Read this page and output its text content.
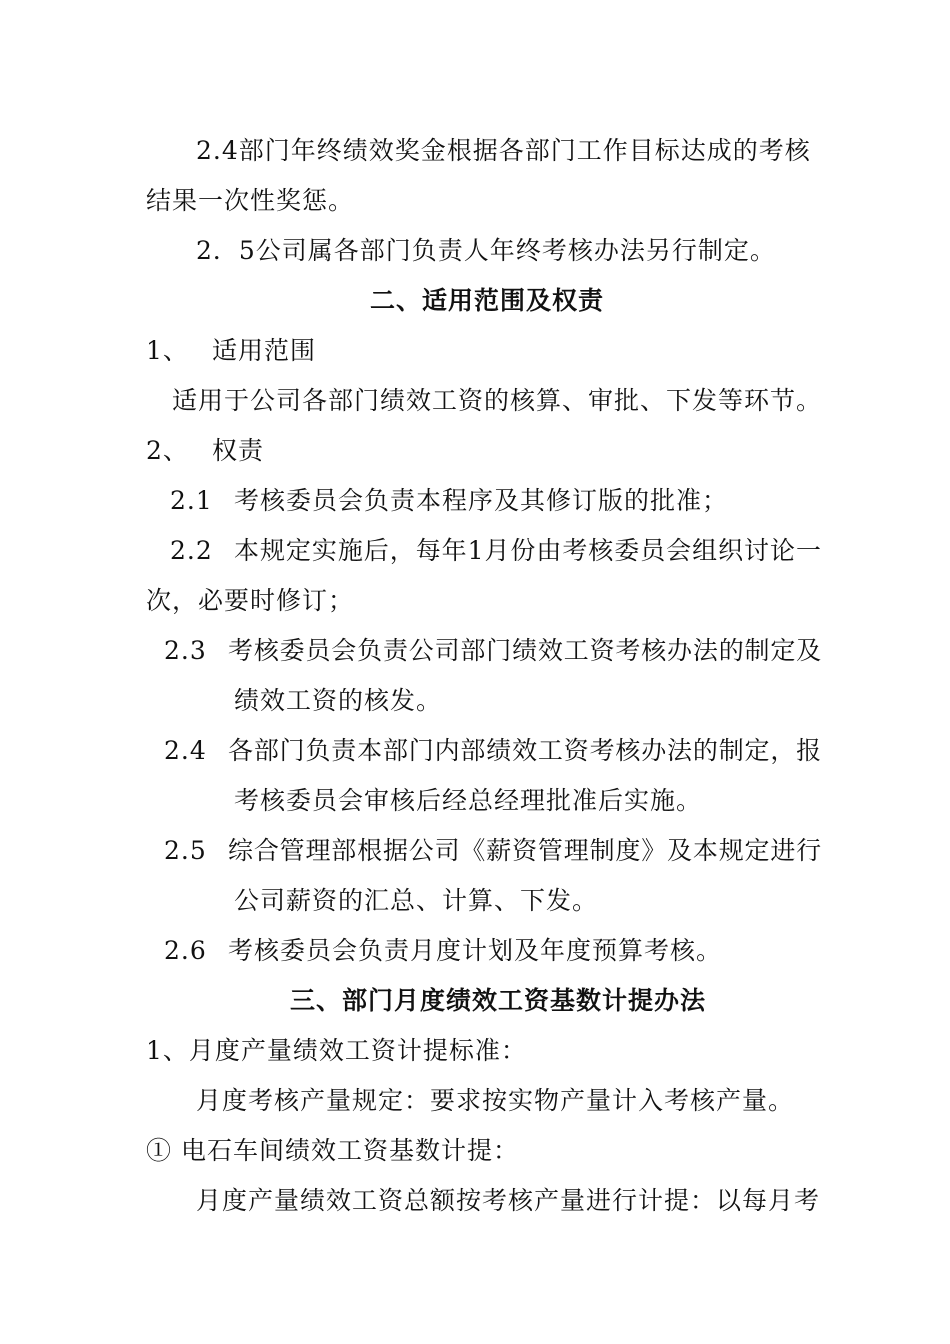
2.4部门年终绩效奖金根据各部门工作目标达成的考核
结果一次性奖惩。
2．5公司属各部门负责人年终考核办法另行制定。
二、适用范围及权责
1、 适用范围
适用于公司各部门绩效工资的核算、审批、下发等环节。
2、 权责
2.1 考核委员会负责本程序及其修订版的批准；
2.2 本规定实施后，每年1月份由考核委员会组织讨论一
次，必要时修订；
2.3 考核委员会负责公司部门绩效工资考核办法的制定及
绩效工资的核发。
2.4 各部门负责本部门内部绩效工资考核办法的制定，报
考核委员会审核后经总经理批准后实施。
2.5 综合管理部根据公司《薪资管理制度》及本规定进行
公司薪资的汇总、计算、下发。
2.6 考核委员会负责月度计划及年度预算考核。
三、部门月度绩效工资基数计提办法
1、月度产量绩效工资计提标准：
月度考核产量规定：要求按实物产量计入考核产量。
① 电石车间绩效工资基数计提：
月度产量绩效工资总额按考核产量进行计提：以每月考
